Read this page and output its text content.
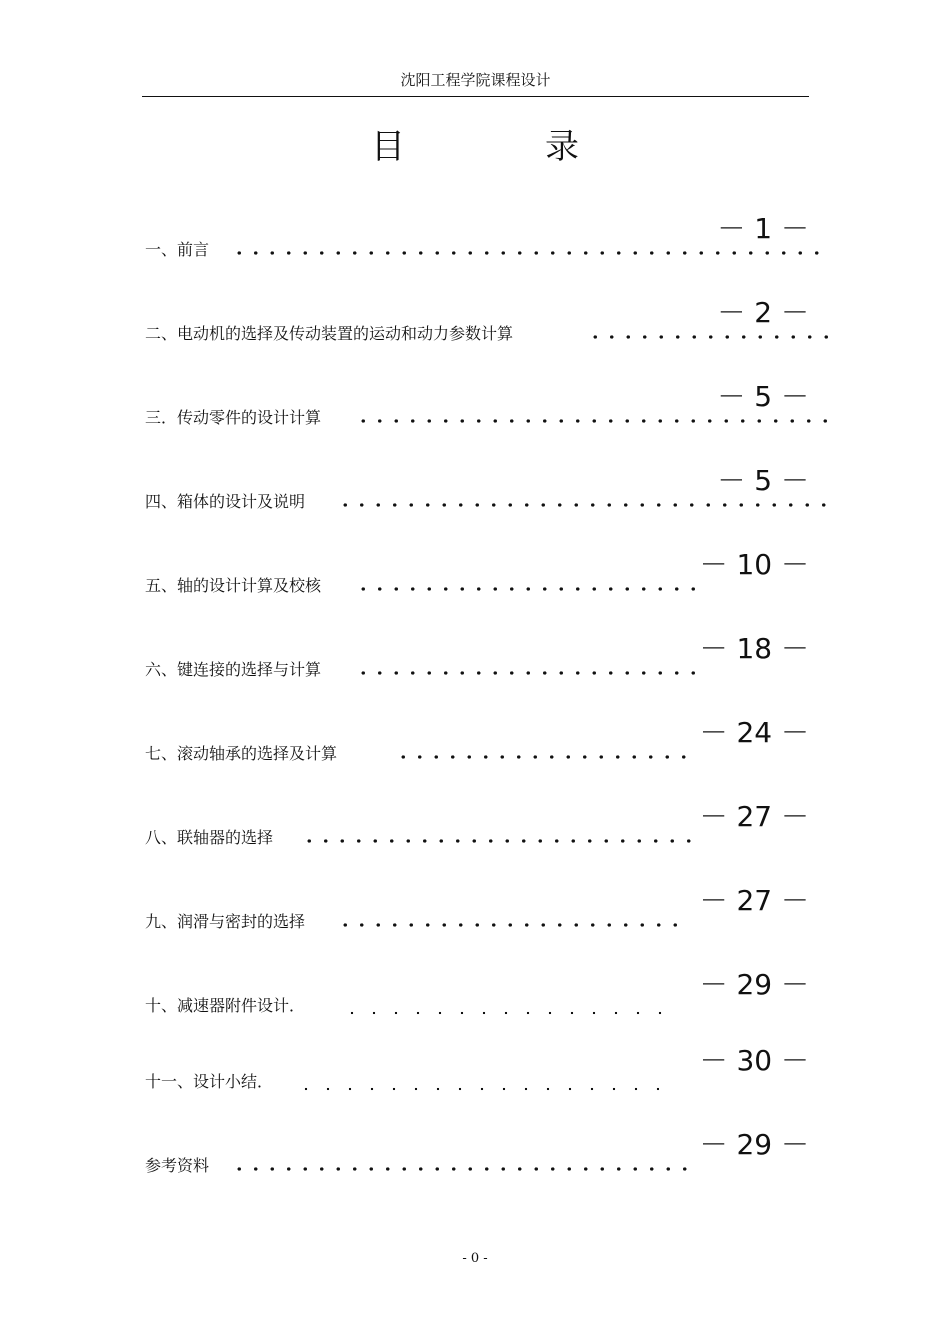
沈阳工程学院课程设计
目	录
一、前言
－ 1 －
二、电动机的选择及传动装置的运动和动力参数计算
－ 2 －
三．传动零件的设计计算
－ 5 －
四、箱体的设计及说明
－ 5 －
五、轴的设计计算及校核
－ 10 －
六、键连接的选择与计算
－ 18 －
七、滚动轴承的选择及计算
－ 24 －
八、联轴器的选择
－ 27 －
九、润滑与密封的选择
－ 27 －
十、减速器附件设计．
－ 29 －
十一、设计小结．
－ 30 －
参考资料
－ 29 －
- 0 -
